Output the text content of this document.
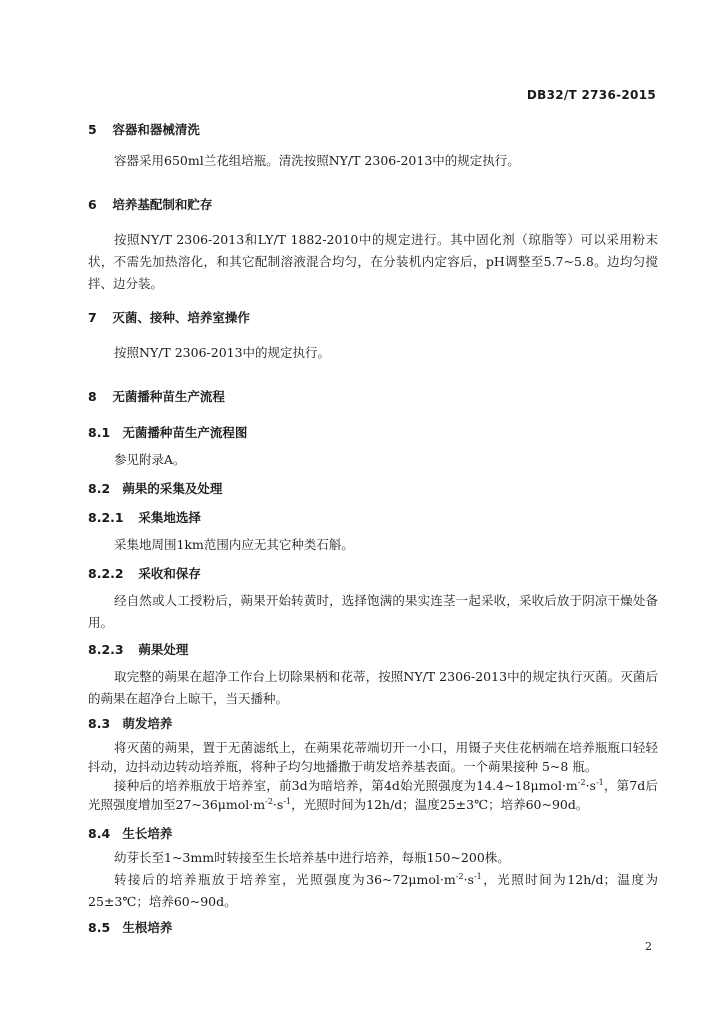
DB32/T 2736-2015
5 容器和器械清洗
容器采用650ml兰花组培瓶。清洗按照NY/T 2306-2013中的规定执行。
6 培养基配制和贮存
按照NY/T 2306-2013和LY/T 1882-2010中的规定进行。其中固化剂（琼脂等）可以采用粉末状，不需先加热溶化，和其它配制溶液混合均匀，在分装机内定容后，pH调整至5.7~5.8。边均匀搅拌、边分装。
7 灭菌、接种、培养室操作
按照NY/T 2306-2013中的规定执行。
8 无菌播种苗生产流程
8.1 无菌播种苗生产流程图
参见附录A。
8.2 蒴果的采集及处理
8.2.1 采集地选择
采集地周围1km范围内应无其它种类石斛。
8.2.2 采收和保存
经自然或人工授粉后，蒴果开始转黄时，选择饱满的果实连茎一起采收，采收后放于阴凉干燥处备用。
8.2.3 蒴果处理
取完整的蒴果在超净工作台上切除果柄和花蒂，按照NY/T 2306-2013中的规定执行灭菌。灭菌后的蒴果在超净台上晾干，当天播种。
8.3 萌发培养
将灭菌的蒴果，置于无菌滤纸上，在蒴果花蒂端切开一小口，用镊子夹住花柄端在培养瓶瓶口轻轻抖动，边抖动边转动培养瓶，将种子均匀地播撒于萌发培养基表面。一个蒴果接种 5~8 瓶。
接种后的培养瓶放于培养室，前3d为暗培养，第4d始光照强度为$14.4\sim 18\mu mol\cdot m^{-2}\cdot s^{-1}$，第7d后光照强度增加至$27\sim 36\mu mol\cdot m^{-2}\cdot s^{-1}$，光照时间为12h/d；温度25±3℃；培养60~90d。
8.4 生长培养
幼芽长至1~3mm时转接至生长培养基中进行培养，每瓶150~200株。
转接后的培养瓶放于培养室，光照强度为$36\sim 72\mu mol\cdot m^{-2}\cdot s^{-1}$，光照时间为12h/d；温度为25±3℃；培养60~90d。
8.5 生根培养
2
